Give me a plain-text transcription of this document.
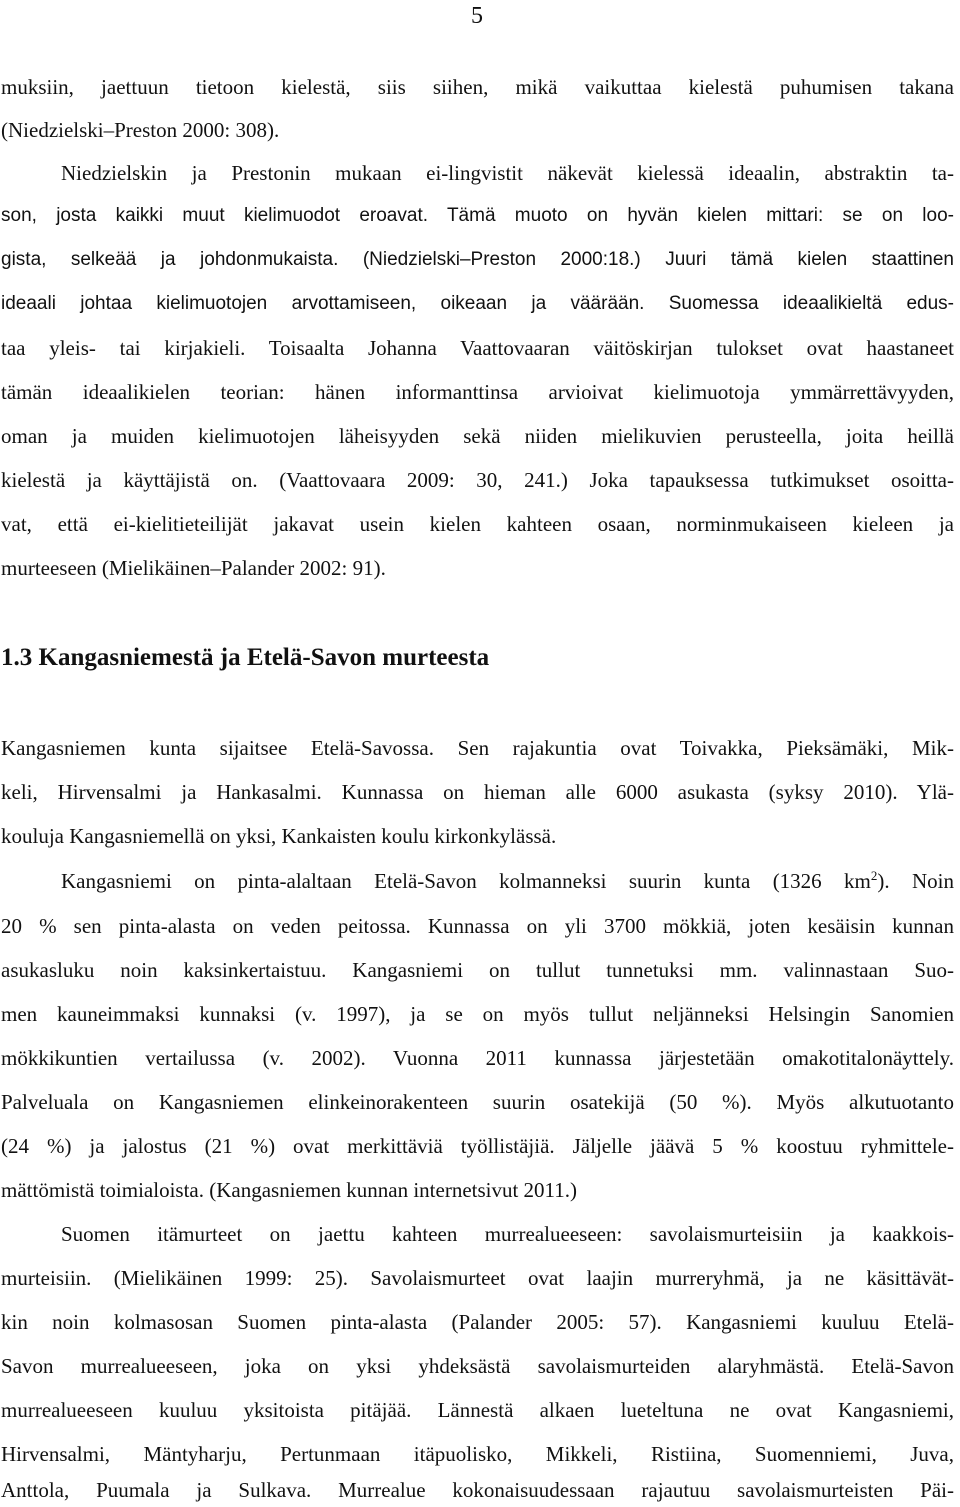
5

muksiin, jaettuun tietoon kielestä, siis siihen, mikä vaikuttaa kielestä puhumisen takana

(Niedzielski–Preston 2000: 308).

Niedzielskin ja Prestonin mukaan ei-lingvistit näkevät kielessä ideaalin, abstraktin ta-

son, josta kaikki muut kielimuodot eroavat. Tämä muoto on hyvän kielen mittari: se on loo-

gista, selkeää ja johdonmukaista. (Niedzielski–Preston 2000:18.) Juuri tämä kielen staattinen

ideaali johtaa kielimuotojen arvottamiseen, oikeaan ja väärään. Suomessa ideaalikieltä edus-

taa yleis- tai kirjakieli. Toisaalta Johanna Vaattovaaran väitöskirjan tulokset ovat haastaneet

tämän ideaalikielen teorian: hänen informanttinsa arvioivat kielimuotoja ymmärrettävyyden,

oman ja muiden kielimuotojen läheisyyden sekä niiden mielikuvien perusteella, joita heillä

kielestä ja käyttäjistä on. (Vaattovaara 2009: 30, 241.) Joka tapauksessa tutkimukset osoitta-

vat, että ei-kielitieteilijät jakavat usein kielen kahteen osaan, norminmukaiseen kieleen ja

murteeseen (Mielikäinen–Palander 2002: 91).

1.3 Kangasniemestä ja Etelä-Savon murteesta

Kangasniemen kunta sijaitsee Etelä-Savossa. Sen rajakuntia ovat Toivakka, Pieksämäki, Mik-

keli, Hirvensalmi ja Hankasalmi. Kunnassa on hieman alle 6000 asukasta (syksy 2010). Ylä-

kouluja Kangasniemellä on yksi, Kankaisten koulu kirkonkylässä.

Kangasniemi on pinta-alaltaan Etelä-Savon kolmanneksi suurin kunta (1326 $km^2$). Noin

20 % sen pinta-alasta on veden peitossa. Kunnassa on yli 3700 mökkiä, joten kesäisin kunnan

asukasluku noin kaksinkertaistuu. Kangasniemi on tullut tunnetuksi mm. valinnastaan Suo-

men kauneimmaksi kunnaksi (v. 1997), ja se on myös tullut neljänneksi Helsingin Sanomien

mökkikuntien vertailussa (v. 2002). Vuonna 2011 kunnassa järjestetään omakotitalonäyttely.

Palveluala on Kangasniemen elinkeinorakenteen suurin osatekijä (50 %). Myös alkutuotanto

(24 %) ja jalostus (21 %) ovat merkittäviä työllistäjiä. Jäljelle jäävä 5 % koostuu ryhmittele-

mättömistä toimialoista. (Kangasniemen kunnan internetsivut 2011.)

Suomen itämurteet on jaettu kahteen murrealueeseen: savolaismurteisiin ja kaakkois-

murteisiin. (Mielikäinen 1999: 25). Savolaismurteet ovat laajin murreryhmä, ja ne käsittävät-

kin noin kolmasosan Suomen pinta-alasta (Palander 2005: 57). Kangasniemi kuuluu Etelä-

Savon murrealueeseen, joka on yksi yhdeksästä savolaismurteiden alaryhmästä. Etelä-Savon

murrealueeseen kuuluu yksitoista pitäjää. Lännestä alkaen lueteltuna ne ovat Kangasniemi,

Hirvensalmi, Mäntyharju, Pertunmaan itäpuolisko, Mikkeli, Ristiina, Suomenniemi, Juva,

Anttola, Puumala ja Sulkava. Murrealue kokonaisuudessaan rajautuu savolaismurteisten Päi-
